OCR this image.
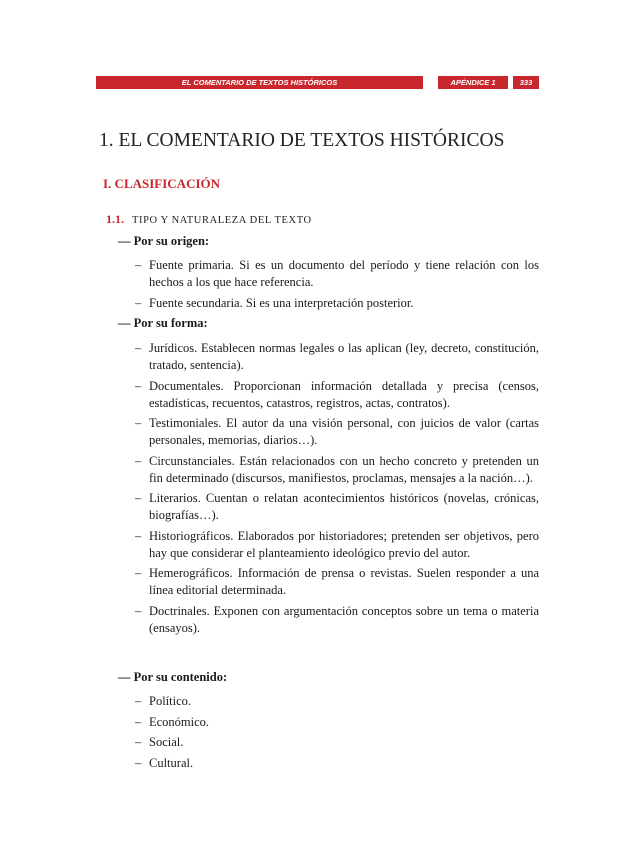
EL COMENTARIO DE TEXTOS HISTÓRICOS	APÉNDICE 1	333
1. EL COMENTARIO DE TEXTOS HISTÓRICOS
I. CLASIFICACIÓN
1.1. TIPO Y NATURALEZA DEL TEXTO
— Por su origen:
– Fuente primaria. Si es un documento del período y tiene relación con los hechos a los que hace referencia.
– Fuente secundaria. Si es una interpretación posterior.
— Por su forma:
– Jurídicos. Establecen normas legales o las aplican (ley, decreto, constitución, tratado, sentencia).
– Documentales. Proporcionan información detallada y precisa (censos, estadísticas, recuentos, catastros, registros, actas, contratos).
– Testimoniales. El autor da una visión personal, con juicios de valor (cartas personales, memorias, diarios…).
– Circunstanciales. Están relacionados con un hecho concreto y pretenden un fin determinado (discursos, manifiestos, proclamas, mensajes a la nación…).
– Literarios. Cuentan o relatan acontecimientos históricos (novelas, crónicas, biografías…).
– Historiográficos. Elaborados por historiadores; pretenden ser objetivos, pero hay que considerar el planteamiento ideológico previo del autor.
– Hemerográficos. Información de prensa o revistas. Suelen responder a una línea editorial determinada.
– Doctrinales. Exponen con argumentación conceptos sobre un tema o materia (ensayos).
— Por su contenido:
– Político.
– Económico.
– Social.
– Cultural.
